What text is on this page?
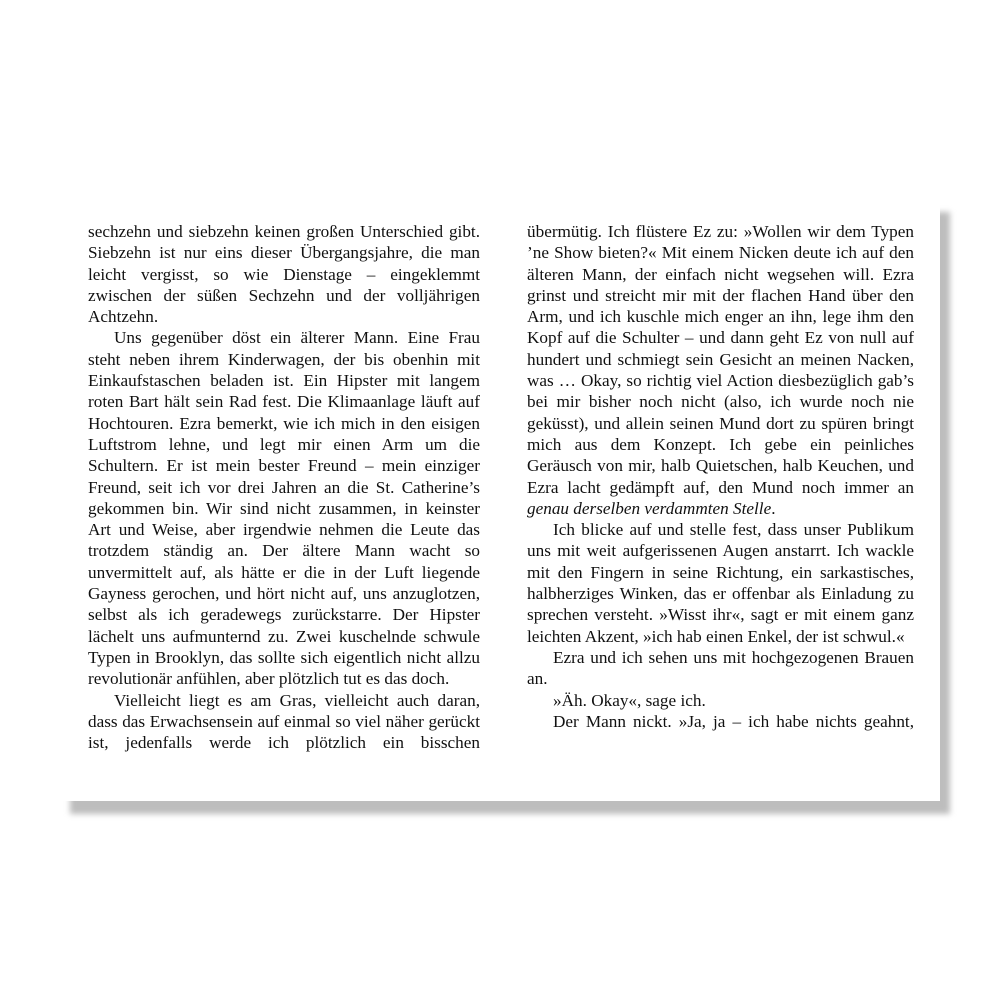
sechzehn und siebzehn keinen großen Unterschied gibt. Siebzehn ist nur eins dieser Übergangsjahre, die man leicht vergisst, so wie Dienstage – eingeklemmt zwischen der süßen Sechzehn und der volljährigen Achtzehn.

Uns gegenüber döst ein älterer Mann. Eine Frau steht neben ihrem Kinderwagen, der bis obenhin mit Einkaufstaschen beladen ist. Ein Hipster mit langem roten Bart hält sein Rad fest. Die Klimaanlage läuft auf Hochtouren. Ezra bemerkt, wie ich mich in den eisigen Luftstrom lehne, und legt mir einen Arm um die Schultern. Er ist mein bester Freund – mein einziger Freund, seit ich vor drei Jahren an die St. Catherine’s gekommen bin. Wir sind nicht zusammen, in keinster Art und Weise, aber irgendwie nehmen die Leute das trotzdem ständig an. Der ältere Mann wacht so unvermittelt auf, als hätte er die in der Luft liegende Gayness gerochen, und hört nicht auf, uns anzuglotzen, selbst als ich geradewegs zurückstarre. Der Hipster lächelt uns aufmunternd zu. Zwei kuschelnde schwule Typen in Brooklyn, das sollte sich eigentlich nicht allzu revolutionär anfühlen, aber plötzlich tut es das doch.

Vielleicht liegt es am Gras, vielleicht auch daran, dass das Erwachsensein auf einmal so viel näher gerückt ist, jedenfalls werde ich plötzlich ein bisschen

übermütig. Ich flüstere Ez zu: »Wollen wir dem Typen ’ne Show bieten?« Mit einem Nicken deute ich auf den älteren Mann, der einfach nicht wegsehen will. Ezra grinst und streicht mir mit der flachen Hand über den Arm, und ich kuschle mich enger an ihn, lege ihm den Kopf auf die Schulter – und dann geht Ez von null auf hundert und schmiegt sein Gesicht an meinen Nacken, was … Okay, so richtig viel Action diesbezüglich gab’s bei mir bisher noch nicht (also, ich wurde noch nie geküsst), und allein seinen Mund dort zu spüren bringt mich aus dem Konzept. Ich gebe ein peinliches Geräusch von mir, halb Quietschen, halb Keuchen, und Ezra lacht gedämpft auf, den Mund noch immer an genau derselben verdammten Stelle.

Ich blicke auf und stelle fest, dass unser Publikum uns mit weit aufgerissenen Augen anstarrt. Ich wackle mit den Fingern in seine Richtung, ein sarkastisches, halbherziges Winken, das er offenbar als Einladung zu sprechen versteht. »Wisst ihr«, sagt er mit einem ganz leichten Akzent, »ich hab einen Enkel, der ist schwul.«

Ezra und ich sehen uns mit hochgezogenen Brauen an.

»Äh. Okay«, sage ich.

Der Mann nickt. »Ja, ja – ich habe nichts geahnt,
